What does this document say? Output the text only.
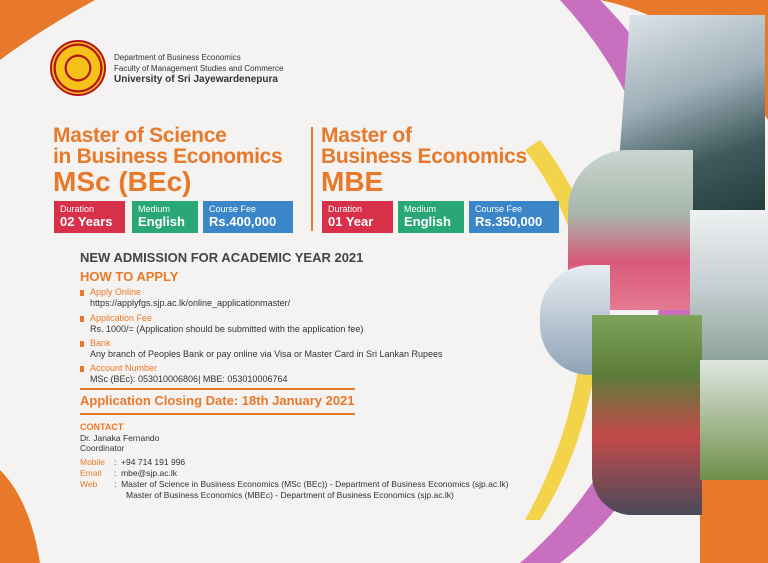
Department of Business Economics
Faculty of Management Studies and Commerce
University of Sri Jayewardenepura
Master of Science
in Business Economics
MSc (BEc)
Duration
02 Years
Medium
English
Course Fee
Rs.400,000
Master of
Business Economics
MBE
Duration
01 Year
Medium
English
Course Fee
Rs.350,000
NEW ADMISSION FOR ACADEMIC YEAR 2021
HOW TO APPLY
Apply Online
https://applyfgs.sjp.ac.lk/online_applicationmaster/
Application Fee
Rs. 1000/= (Application should be submitted with the application fee)
Bank
Any branch of Peoples Bank or pay online via Visa or Master Card in Sri Lankan Rupees
Account Number
MSc (BEc): 053010006806| MBE: 053010006764
Application Closing Date: 18th January 2021
CONTACT
Dr. Janaka Fernando
Coordinator
Mobile :  +94 714 191 996
Email :  mbe@sjp.ac.lk
Web :  Master of Science in Business Economics (MSc (BEc)) - Department of Business Economics (sjp.ac.lk)
Master of Business Economics (MBEc) - Department of Business Economics (sjp.ac.lk)
